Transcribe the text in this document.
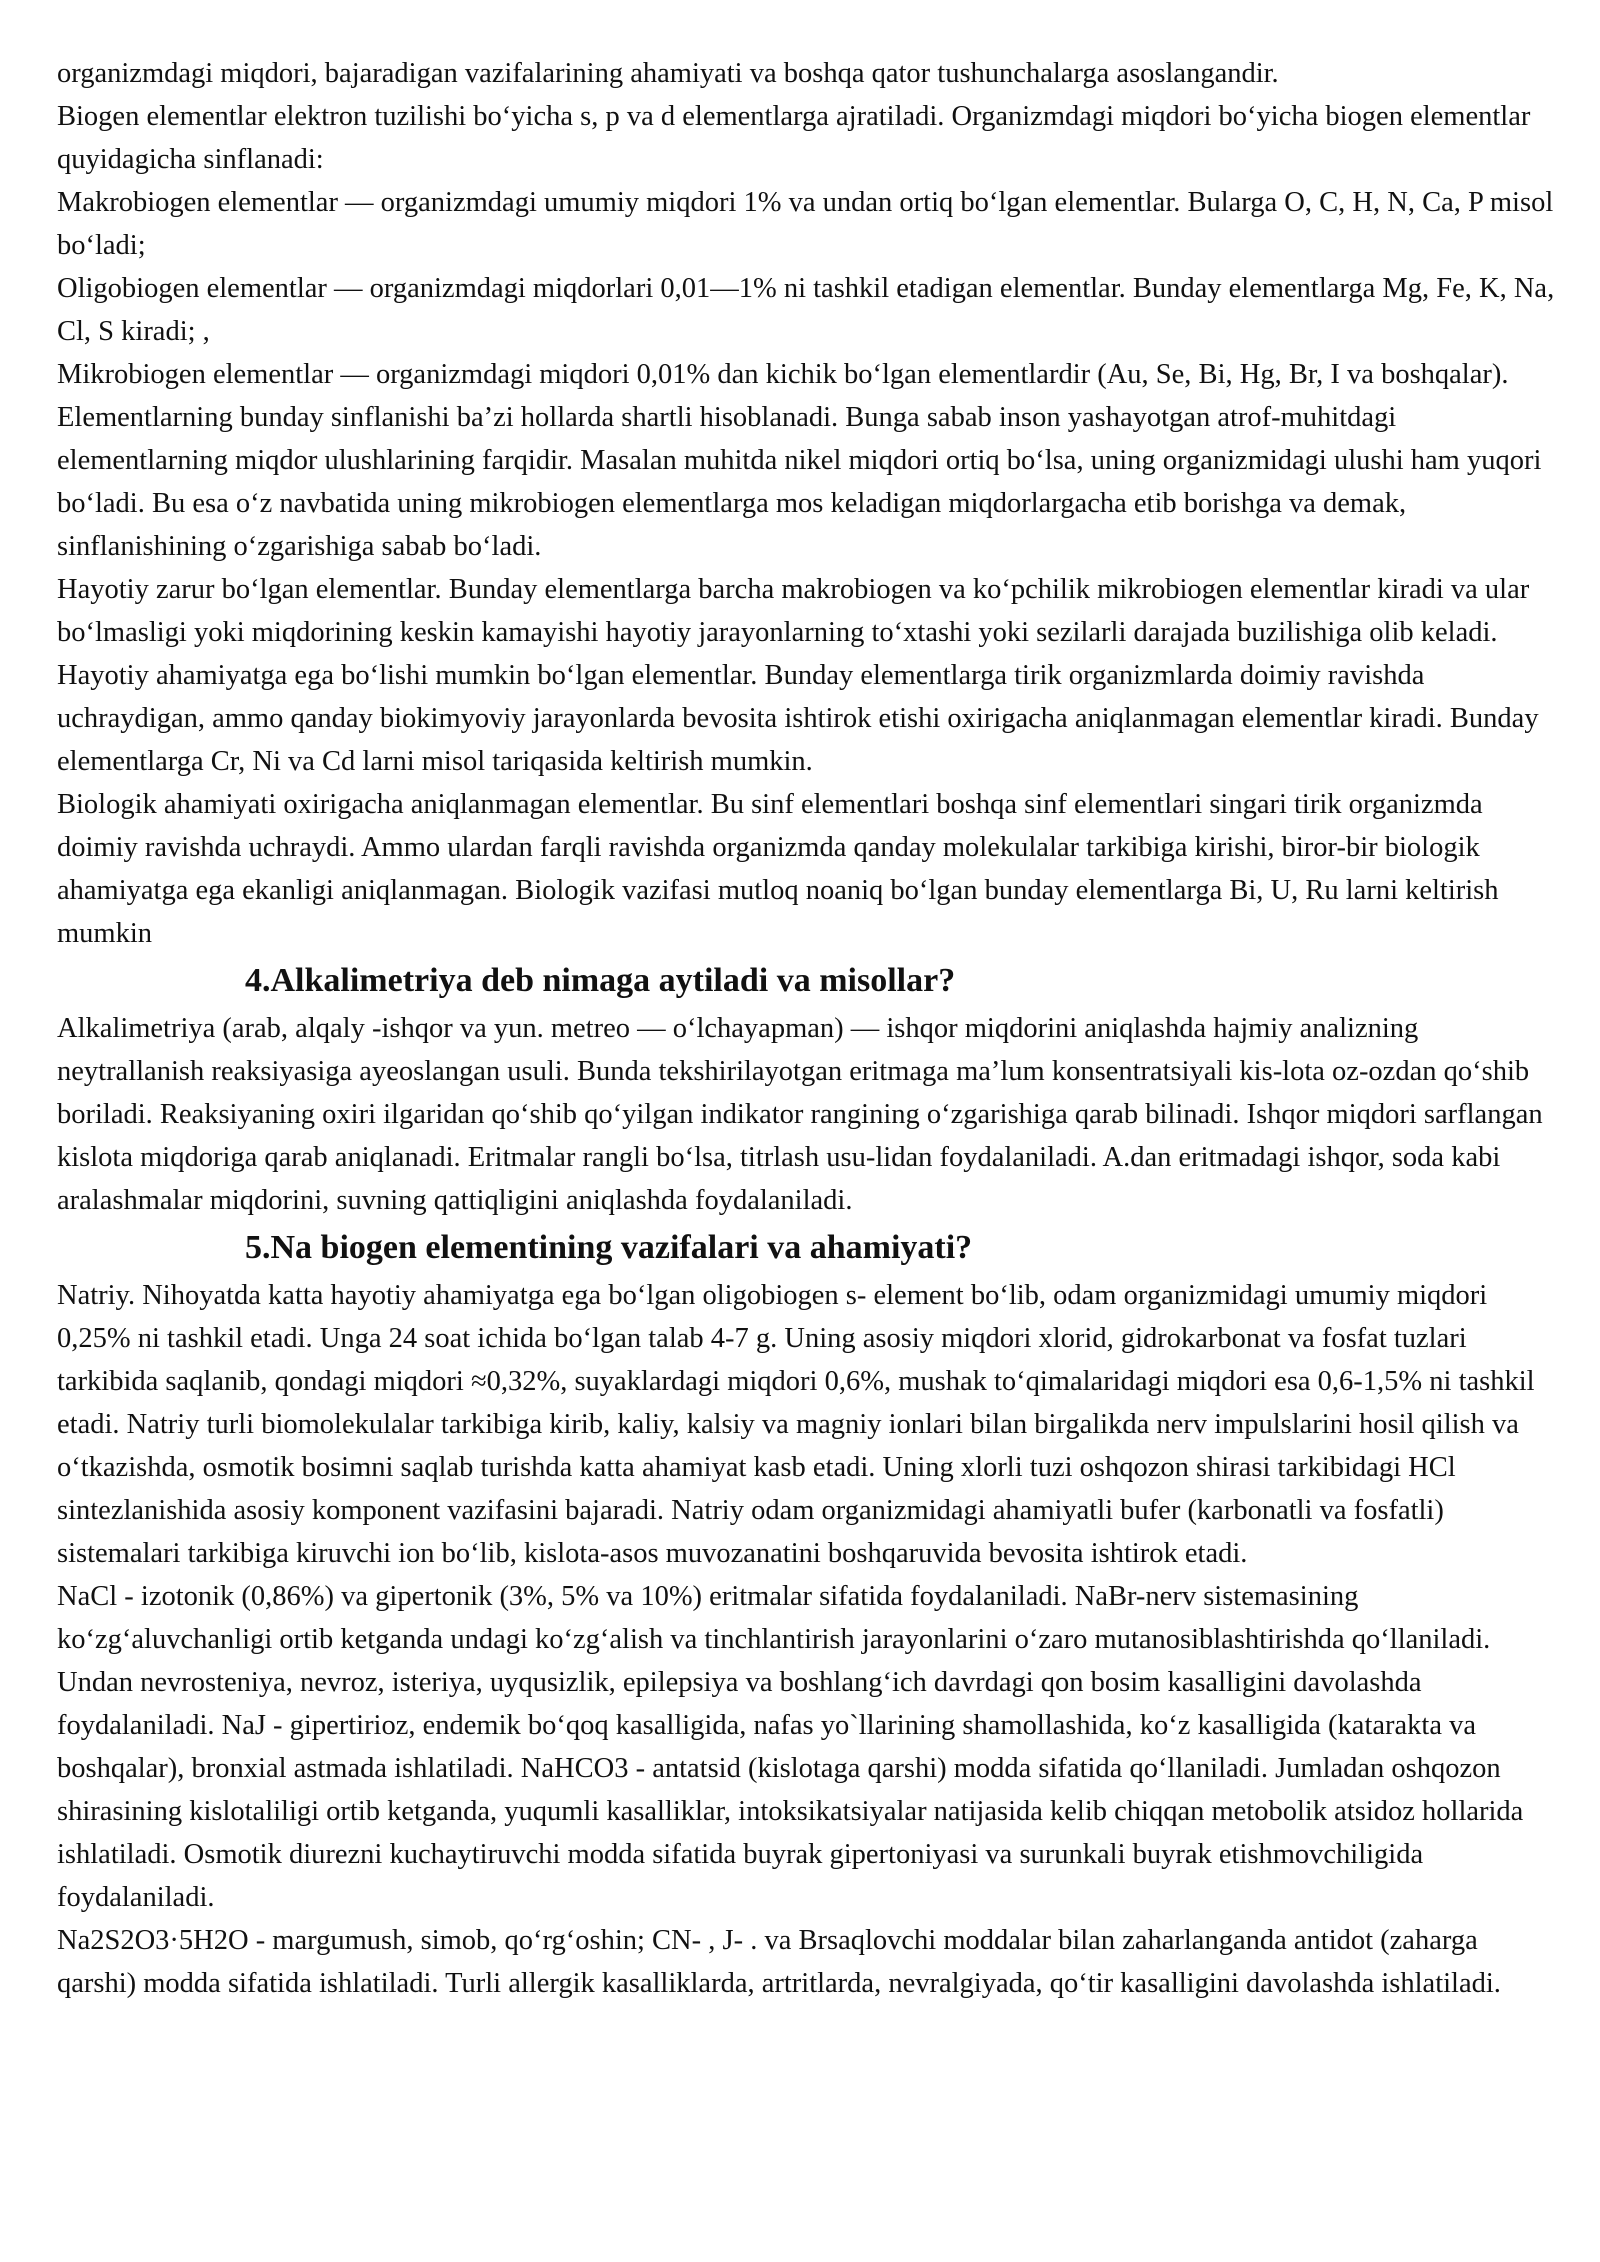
organizmdagi miqdori, bajaradigan vazifalarining ahamiyati va boshqa qator tushunchalarga asoslangandir.

Biogen elementlar elektron tuzilishi bo‘yicha s, p va d elementlarga ajratiladi. Organizmdagi miqdori bo‘yicha biogen elementlar quyidagicha sinflanadi:

Makrobiogen elementlar — organizmdagi umumiy miqdori 1% va undan ortiq bo‘lgan elementlar. Bularga O, C, H, N, Ca, P misol bo‘ladi;

Oligobiogen elementlar — organizmdagi miqdorlari 0,01—1% ni tashkil etadigan elementlar. Bunday elementlarga Mg, Fe, K, Na, Cl, S kiradi; ,

Mikrobiogen elementlar — organizmdagi miqdori 0,01% dan kichik bo‘lgan elementlardir (Au, Se, Bi, Hg, Br, I va boshqalar). Elementlarning bunday sinflanishi ba’zi hollarda shartli hisoblanadi. Bunga sabab inson yashayotgan atrof-muhitdagi elementlarning miqdor ulushlarining farqidir. Masalan muhitda nikel miqdori ortiq bo‘lsa, uning organizmidagi ulushi ham yuqori bo‘ladi. Bu esa o‘z navbatida uning mikrobiogen elementlarga mos keladigan miqdorlargacha etib borishga va demak, sinflanishining o‘zgarishiga sabab bo‘ladi.

Hayotiy zarur bo‘lgan elementlar. Bunday elementlarga barcha makrobiogen va ko‘pchilik mikrobiogen elementlar kiradi va ular bo‘lmasligi yoki miqdorining keskin kamayishi hayotiy jarayonlarning to‘xtashi yoki sezilarli darajada buzilishiga olib keladi.

Hayotiy ahamiyatga ega bo‘lishi mumkin bo‘lgan elementlar. Bunday elementlarga tirik organizmlarda doimiy ravishda uchraydigan, ammo qanday biokimyoviy jarayonlarda bevosita ishtirok etishi oxirigacha aniqlanmagan elementlar kiradi. Bunday elementlarga Cr, Ni va Cd larni misol tariqasida keltirish mumkin.

Biologik ahamiyati oxirigacha aniqlanmagan elementlar. Bu sinf elementlari boshqa sinf elementlari singari tirik organizmda doimiy ravishda uchraydi. Ammo ulardan farqli ravishda organizmda qanday molekulalar tarkibiga kirishi, biror-bir biologik ahamiyatga ega ekanligi aniqlanmagan. Biologik vazifasi mutloq noaniq bo‘lgan bunday elementlarga Bi, U, Ru larni keltirish mumkin

4.Alkalimetriya deb nimaga aytiladi va misollar?

Alkalimetriya (arab, alqaly -ishqor va yun. metreo — o‘lchayapman) — ishqor miqdorini aniqlashda hajmiy analizning neytrallanish reaksiyasiga ayeoslangan usuli. Bunda tekshirilayotgan eritmaga ma’lum konsentratsiyali kis-lota oz-ozdan qo‘shib boriladi. Reaksiyaning oxiri ilgaridan qo‘shib qo‘yilgan indikator rangining o‘zgarishiga qarab bilinadi. Ishqor miqdori sarflangan kislota miqdoriga qarab aniqlanadi. Eritmalar rangli bo‘lsa, titrlash usu-lidan foydalaniladi. A.dan eritmadagi ishqor, soda kabi aralashmalar miqdorini, suvning qattiqligini aniqlashda foydalaniladi.

5.Na biogen elementining vazifalari va ahamiyati?

Natriy. Nihoyatda katta hayotiy ahamiyatga ega bo‘lgan oligobiogen s- element bo‘lib, odam organizmidagi umumiy miqdori 0,25% ni tashkil etadi. Unga 24 soat ichida bo‘lgan talab 4-7 g. Uning asosiy miqdori xlorid, gidrokarbonat va fosfat tuzlari tarkibida saqlanib, qondagi miqdori ≈0,32%, suyaklardagi miqdori 0,6%, mushak to‘qimalaridagi miqdori esa 0,6-1,5% ni tashkil etadi. Natriy turli biomolekulalar tarkibiga kirib, kaliy, kalsiy va magniy ionlari bilan birgalikda nerv impulslarini hosil qilish va o‘tkazishda, osmotik bosimni saqlab turishda katta ahamiyat kasb etadi. Uning xlorli tuzi oshqozon shirasi tarkibidagi HCl sintezlanishida asosiy komponent vazifasini bajaradi. Natriy odam organizmidagi ahamiyatli bufer (karbonatli va fosfatli) sistemalari tarkibiga kiruvchi ion bo‘lib, kislota-asos muvozanatini boshqaruvida bevosita ishtirok etadi.

NaCl - izotonik (0,86%) va gipertonik (3%, 5% va 10%) eritmalar sifatida foydalaniladi. NaBr-nerv sistemasining ko‘zg‘aluvchanligi ortib ketganda undagi ko‘zg‘alish va tinchlantirish jarayonlarini o‘zaro mutanosiblashtirishda qo‘llaniladi. Undan nevrosteniya, nevroz, isteriya, uyqusizlik, epilepsiya va boshlang‘ich davrdagi qon bosim kasalligini davolashda foydalaniladi. NaJ - gipertirioz, endemik bo‘qoq kasalligida, nafas yo`llarining shamollashida, ko‘z kasalligida (katarakta va boshqalar), bronxial astmada ishlatiladi. NaHCO3 - antatsid (kislotaga qarshi) modda sifatida qo‘llaniladi. Jumladan oshqozon shirasining kislotaliligi ortib ketganda, yuqumli kasalliklar, intoksikatsiyalar natijasida kelib chiqqan metobolik atsidoz hollarida ishlatiladi. Osmotik diurezni kuchaytiruvchi modda sifatida buyrak gipertoniyasi va surunkali buyrak etishmovchiligida foydalaniladi.

Na2S2O3·5H2O - margumush, simob, qo‘rg‘oshin; CN- , J- . va Brsaqlovchi moddalar bilan zaharlanganda antidot (zaharga qarshi) modda sifatida ishlatiladi. Turli allergik kasalliklarda, artritlarda, nevralgiyada, qo‘tir kasalligini davolashda ishlatiladi.
